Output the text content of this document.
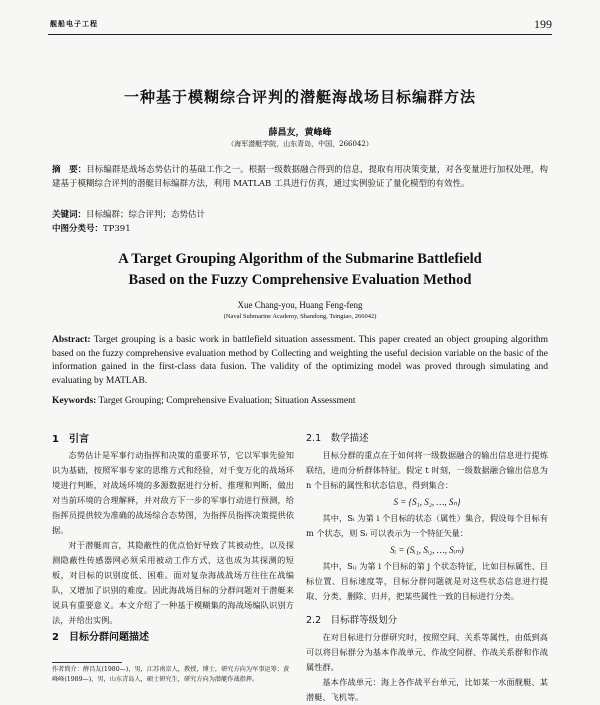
舰船电子工程	199
一种基于模糊综合评判的潜艇海战场目标编群方法
薛昌友，黄峰峰
（海军潜艇学院，山东青岛，中国，266042）
摘　要：目标编群是战场态势估计的基础工作之一。根据一级数据融合得到的信息，提取有用决策变量，对各变量进行加权处理，构建基于模糊综合评判的潜艇目标编群方法，利用 MATLAB 工具进行仿真，通过实例验证了量化模型的有效性。
关键词：目标编群；综合评判；态势估计
中图分类号：TP391
A Target Grouping Algorithm of the Submarine Battlefield
Based on the Fuzzy Comprehensive Evaluation Method
Xue Chang-you, Huang Feng-feng
(Naval Submarine Academy, Shandong, Tsingtao, 266042)
Abstract: Target grouping is a basic work in battlefield situation assessment. This paper created an object grouping algorithm based on the fuzzy comprehensive evaluation method by Collecting and weighting the useful decision variable on the basic of the information gained in the first-class data fusion. The validity of the optimizing model was proved through simulating and evaluating by MATLAB.
Keywords: Target Grouping; Comprehensive Evaluation; Situation Assessment
1　引言

态势估计是军事行动指挥和决策的重要环节，它以军事先验知识为基础，按照军事专家的思维方式和经验，对千变万化的战场环境进行判断，对战场环境的多源数据进行分析、推理和判断，做出对当前环境的合理解释，并对敌方下一步的军事行动进行预测，给指挥员提供较为准确的战场综合态势图，为指挥员指挥决策提供依据。

对于潜艇而言，其隐蔽性的优点恰好导致了其被动性，以及探测隐蔽性传感器网必须采用被动工作方式，这也成为其探测的短板，对目标的识别度低、困难。面对复杂海战战场方往往在战编队，又增加了识别的难度。因此海战场目标的分群问题对于潜艇来说具有重要意义。本文介绍了一种基于模糊集的海战场编队识别方法，并给出实例。

2　目标分群问题描述
2.1　数学描述

目标分群的重点在于如何将一级数据融合的输出信息进行提炼联结，进而分析群体特征。假定 t 时刻，一级数据融合输出信息为 n 个目标的属性和状态信息，得到集合：

S = {S₁, S₂, …, Sₙ}

其中，Sᵢ 为第 i 个目标的状态（属性）集合，假设每个目标有 m 个状态，则 Sᵢ 可以表示为一个特征矢量：

Sᵢ = (Sᵢ₁, Sᵢ₂, …, Sᵢₘ)

其中，Sᵢⱼ 为第 i 个目标的第 j 个状态特征，比如目标属性、目标位置、目标速度等，目标分群问题就是对这些状态信息进行提取、分类、删除、归并，把某些属性一致的目标进行分类。

2.2　目标群等级划分

在对目标进行分群研究时，按照空间、关系等属性，由低到高可以将目标群分为基本作战单元、作战空间群、作战关系群和作战属性群。

基本作战单元：海上各作战平台单元，比如某一水面舰艇、某潜艇、飞机等。

作者简介：薛昌友(1980—)，男，江苏南京人，教授，博士，研究方向为军事运筹；黄峰峰(1989—)，男，山东青岛人，硕士研究生，研究方向为潜艇作战指挥。
